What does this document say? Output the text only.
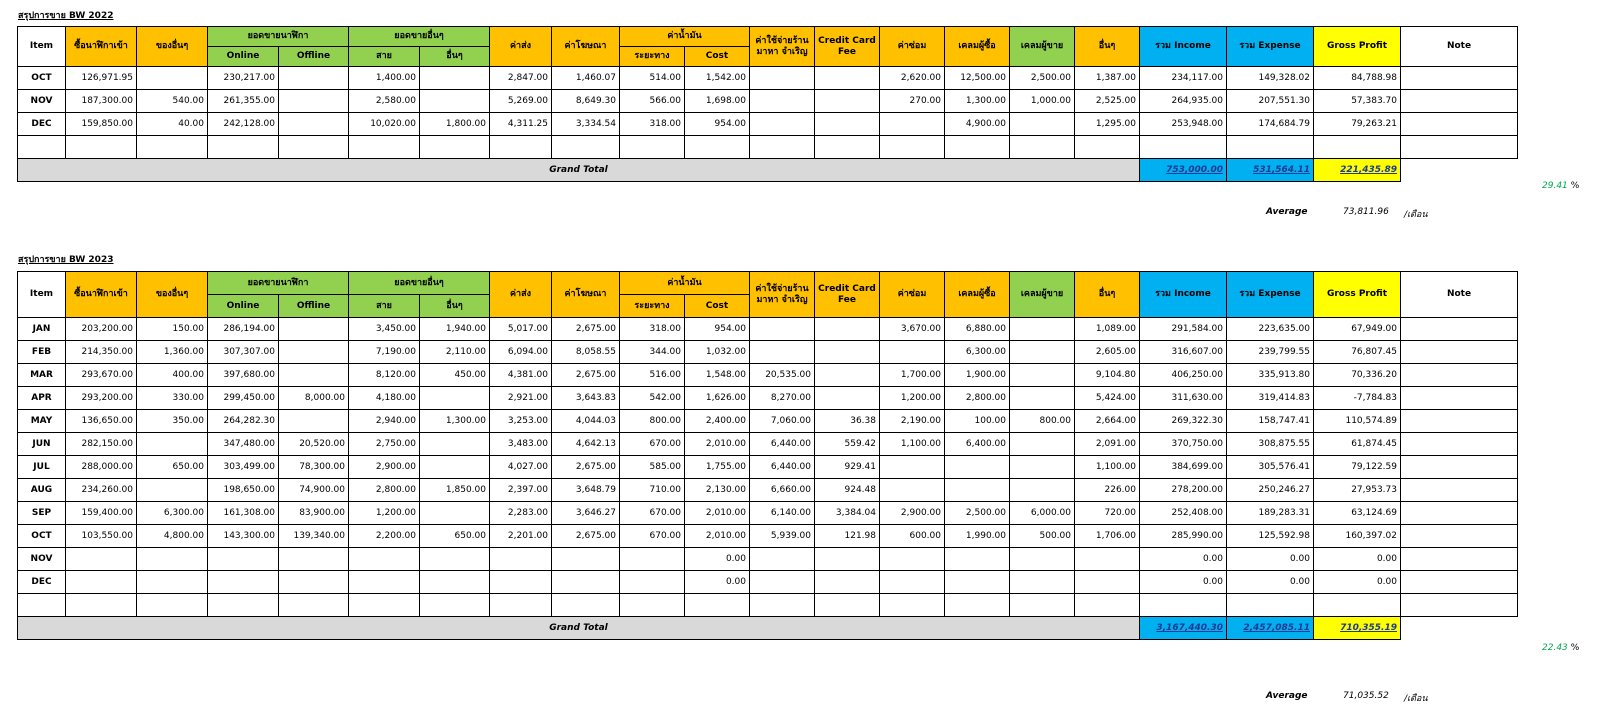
สรุปการขาย BW 2022
Item	ซื้อนาฬิกาเข้า	ของอื่นๆ	ยอดขายนาฬิกา		ยอดขายอื่นๆ		ค่าส่ง	ค่าโฆษณา	ค่าน้ำมัน		ค่าใช้จ่ายร้าน มาหา จำเริญ	Credit Card Fee	ค่าซ่อม	เคลมผู้ซื้อ	เคลมผู้ขาย	อื่นๆ	รวม Income	รวม Expense	Gross Profit	Note
			Online	Offline	สาย	อื่นๆ			ระยะทาง	Cost										
OCT	126,971.95		230,217.00		1,400.00		2,847.00	1,460.07	514.00	1,542.00			2,620.00	12,500.00	2,500.00	1,387.00	234,117.00	149,328.02	84,788.98	
NOV	187,300.00	540.00	261,355.00		2,580.00		5,269.00	8,649.30	566.00	1,698.00			270.00	1,300.00	1,000.00	2,525.00	264,935.00	207,551.30	57,383.70	
DEC	159,850.00	40.00	242,128.00		10,020.00	1,800.00	4,311.25	3,334.54	318.00	954.00				4,900.00		1,295.00	253,948.00	174,684.79	79,263.21	

Grand Total																	753,000.00	531,564.11	221,435.89	
29.41 %
Average	73,811.96 /เดือน
สรุปการขาย BW 2023
Item	ซื้อนาฬิกาเข้า	ของอื่นๆ	ยอดขายนาฬิกา		ยอดขายอื่นๆ		ค่าส่ง	ค่าโฆษณา	ค่าน้ำมัน		ค่าใช้จ่ายร้าน มาหา จำเริญ	Credit Card Fee	ค่าซ่อม	เคลมผู้ซื้อ	เคลมผู้ขาย	อื่นๆ	รวม Income	รวม Expense	Gross Profit	Note
			Online	Offline	สาย	อื่นๆ			ระยะทาง	Cost										
JAN	203,200.00	150.00	286,194.00		3,450.00	1,940.00	5,017.00	2,675.00	318.00	954.00			3,670.00	6,880.00		1,089.00	291,584.00	223,635.00	67,949.00	
FEB	214,350.00	1,360.00	307,307.00		7,190.00	2,110.00	6,094.00	8,058.55	344.00	1,032.00				6,300.00		2,605.00	316,607.00	239,799.55	76,807.45	
MAR	293,670.00	400.00	397,680.00		8,120.00	450.00	4,381.00	2,675.00	516.00	1,548.00	20,535.00		1,700.00	1,900.00		9,104.80	406,250.00	335,913.80	70,336.20	
APR	293,200.00	330.00	299,450.00	8,000.00	4,180.00		2,921.00	3,643.83	542.00	1,626.00	8,270.00		1,200.00	2,800.00		5,424.00	311,630.00	319,414.83	-7,784.83	
MAY	136,650.00	350.00	264,282.30		2,940.00	1,300.00	3,253.00	4,044.03	800.00	2,400.00	7,060.00	36.38	2,190.00	100.00	800.00	2,664.00	269,322.30	158,747.41	110,574.89	
JUN	282,150.00		347,480.00	20,520.00	2,750.00		3,483.00	4,642.13	670.00	2,010.00	6,440.00	559.42	1,100.00	6,400.00		2,091.00	370,750.00	308,875.55	61,874.45	
JUL	288,000.00	650.00	303,499.00	78,300.00	2,900.00		4,027.00	2,675.00	585.00	1,755.00	6,440.00	929.41				1,100.00	384,699.00	305,576.41	79,122.59	
AUG	234,260.00		198,650.00	74,900.00	2,800.00	1,850.00	2,397.00	3,648.79	710.00	2,130.00	6,660.00	924.48				226.00	278,200.00	250,246.27	27,953.73	
SEP	159,400.00	6,300.00	161,308.00	83,900.00	1,200.00		2,283.00	3,646.27	670.00	2,010.00	6,140.00	3,384.04	2,900.00	2,500.00	6,000.00	720.00	252,408.00	189,283.31	63,124.69	
OCT	103,550.00	4,800.00	143,300.00	139,340.00	2,200.00	650.00	2,201.00	2,675.00	670.00	2,010.00	5,939.00	121.98	600.00	1,990.00	500.00	1,706.00	285,990.00	125,592.98	160,397.02	
NOV										0.00							0.00	0.00	0.00	
DEC										0.00							0.00	0.00	0.00	

Grand Total																	3,167,440.30	2,457,085.11	710,355.19	
22.43 %
Average	71,035.52 /เดือน
